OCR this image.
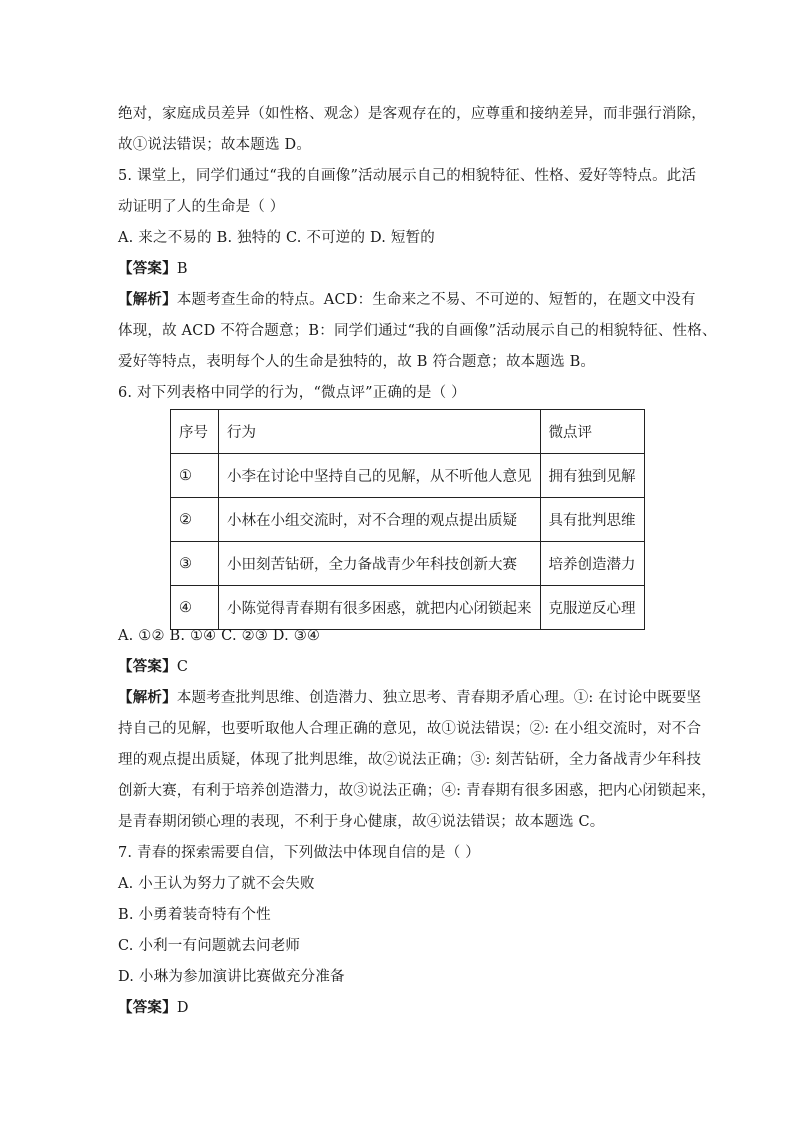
绝对，家庭成员差异（如性格、观念）是客观存在的，应尊重和接纳差异，而非强行消除，
故①说法错误；故本题选 D。
5. 课堂上，同学们通过“我的自画像”活动展示自己的相貌特征、性格、爱好等特点。此活
动证明了人的生命是（ ）
A. 来之不易的 B. 独特的 C. 不可逆的 D. 短暂的
【答案】B
【解析】本题考查生命的特点。ACD：生命来之不易、不可逆的、短暂的，在题文中没有
体现，故 ACD 不符合题意；B：同学们通过“我的自画像”活动展示自己的相貌特征、性格、
爱好等特点，表明每个人的生命是独特的，故 B 符合题意；故本题选 B。
6. 对下列表格中同学的行为，“微点评”正确的是（ ）
序号	行为	微点评
①	小李在讨论中坚持自己的见解，从不听他人意见	拥有独到见解
②	小林在小组交流时，对不合理的观点提出质疑	具有批判思维
③	小田刻苦钻研，全力备战青少年科技创新大赛	培养创造潜力
④	小陈觉得青春期有很多困惑，就把内心闭锁起来	克服逆反心理
A. ①② B. ①④ C. ②③ D. ③④
【答案】C
【解析】本题考查批判思维、创造潜力、独立思考、青春期矛盾心理。①: 在讨论中既要坚
持自己的见解，也要听取他人合理正确的意见，故①说法错误；②: 在小组交流时，对不合
理的观点提出质疑，体现了批判思维，故②说法正确；③: 刻苦钻研，全力备战青少年科技
创新大赛，有利于培养创造潜力，故③说法正确；④: 青春期有很多困惑，把内心闭锁起来，
是青春期闭锁心理的表现，不利于身心健康，故④说法错误；故本题选 C。
7. 青春的探索需要自信，下列做法中体现自信的是（ ）
A. 小王认为努力了就不会失败
B. 小勇着装奇特有个性
C. 小利一有问题就去问老师
D. 小琳为参加演讲比赛做充分准备
【答案】D
